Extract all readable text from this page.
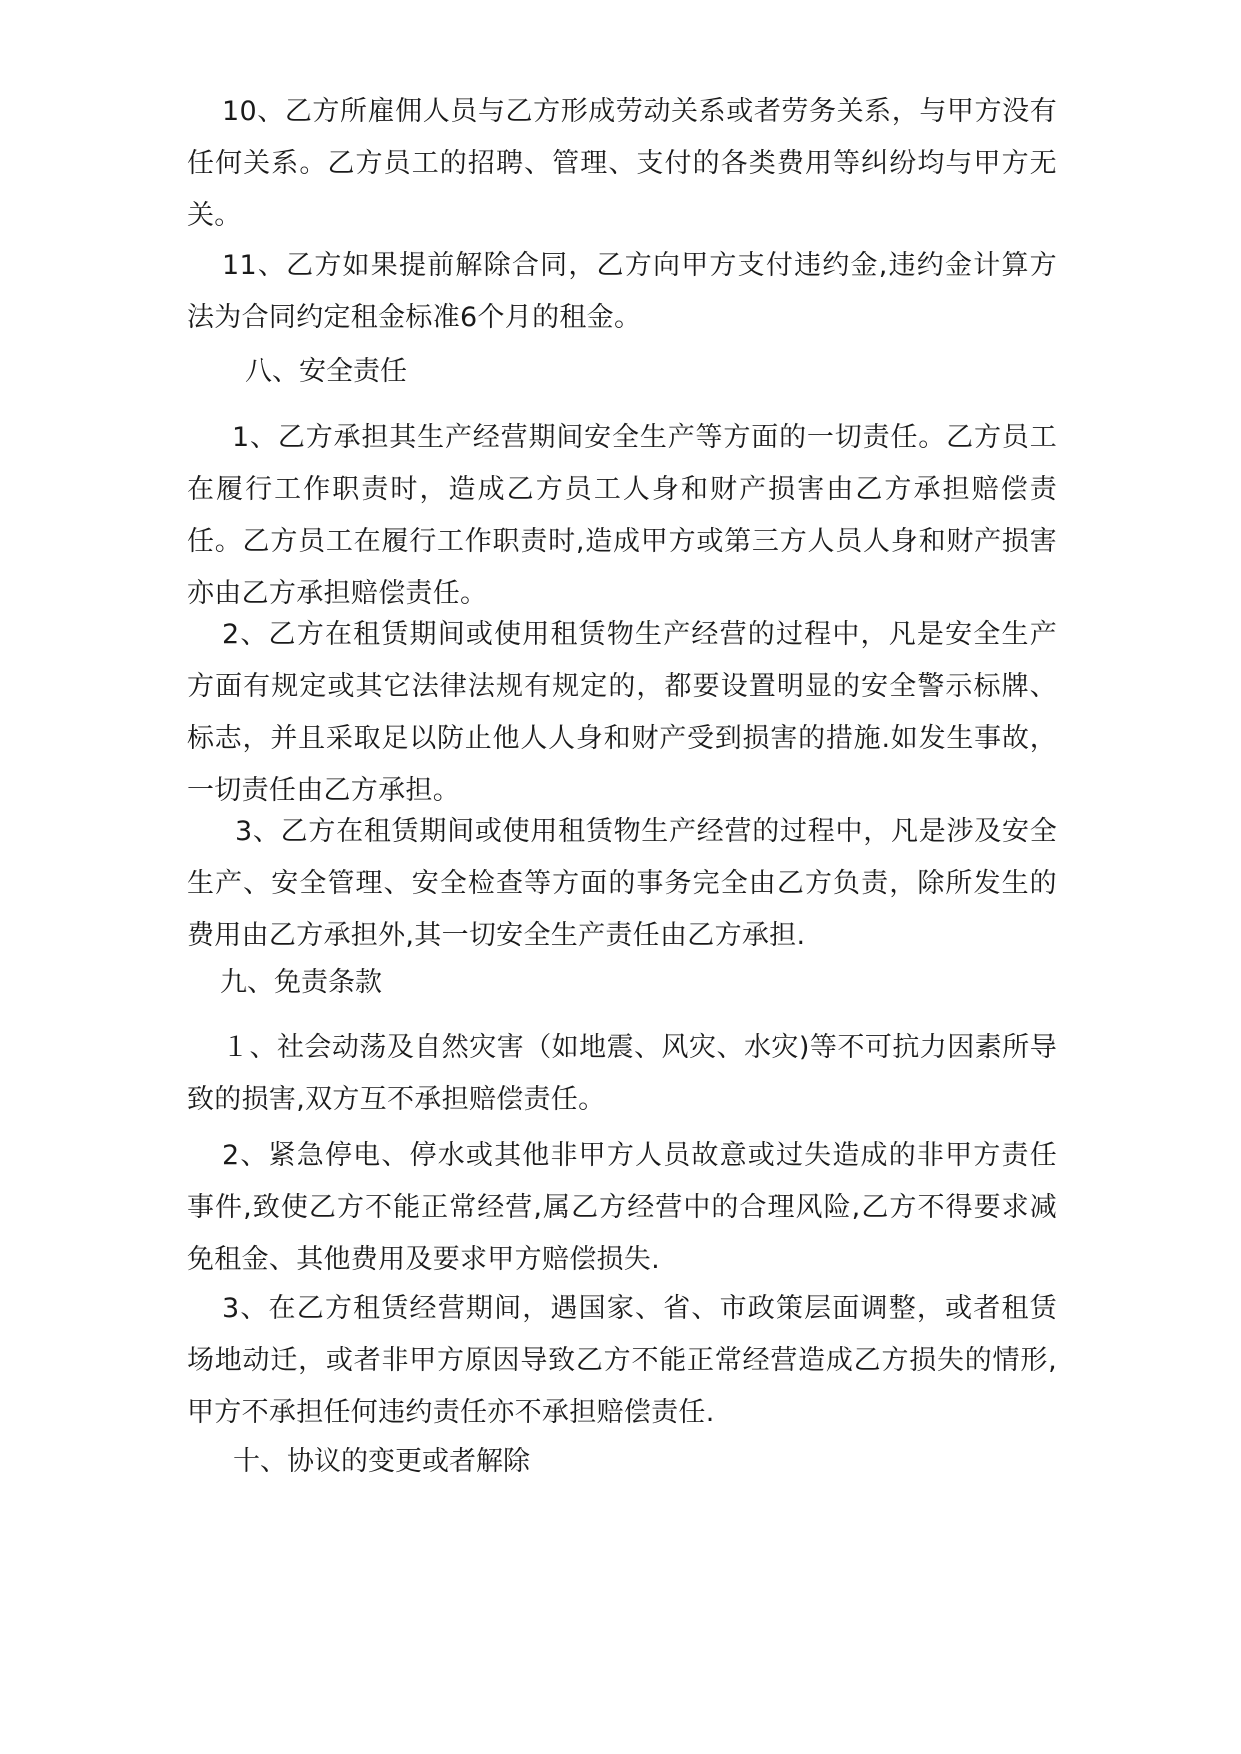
10、乙方所雇佣人员与乙方形成劳动关系或者劳务关系，与甲方没有任何关系。乙方员工的招聘、管理、支付的各类费用等纠纷均与甲方无关。

11、乙方如果提前解除合同，乙方向甲方支付违约金,违约金计算方法为合同约定租金标准6个月的租金。

八、安全责任

1、乙方承担其生产经营期间安全生产等方面的一切责任。乙方员工在履行工作职责时，造成乙方员工人身和财产损害由乙方承担赔偿责任。乙方员工在履行工作职责时,造成甲方或第三方人员人身和财产损害亦由乙方承担赔偿责任。

2、乙方在租赁期间或使用租赁物生产经营的过程中，凡是安全生产方面有规定或其它法律法规有规定的，都要设置明显的安全警示标牌、标志，并且采取足以防止他人人身和财产受到损害的措施.如发生事故，一切责任由乙方承担。

3、乙方在租赁期间或使用租赁物生产经营的过程中，凡是涉及安全生产、安全管理、安全检查等方面的事务完全由乙方负责，除所发生的费用由乙方承担外,其一切安全生产责任由乙方承担.

九、免责条款

１、社会动荡及自然灾害（如地震、风灾、水灾)等不可抗力因素所导致的损害,双方互不承担赔偿责任。

2、紧急停电、停水或其他非甲方人员故意或过失造成的非甲方责任事件,致使乙方不能正常经营,属乙方经营中的合理风险,乙方不得要求减免租金、其他费用及要求甲方赔偿损失.

3、在乙方租赁经营期间，遇国家、省、市政策层面调整，或者租赁场地动迁，或者非甲方原因导致乙方不能正常经营造成乙方损失的情形,甲方不承担任何违约责任亦不承担赔偿责任.

十、协议的变更或者解除
